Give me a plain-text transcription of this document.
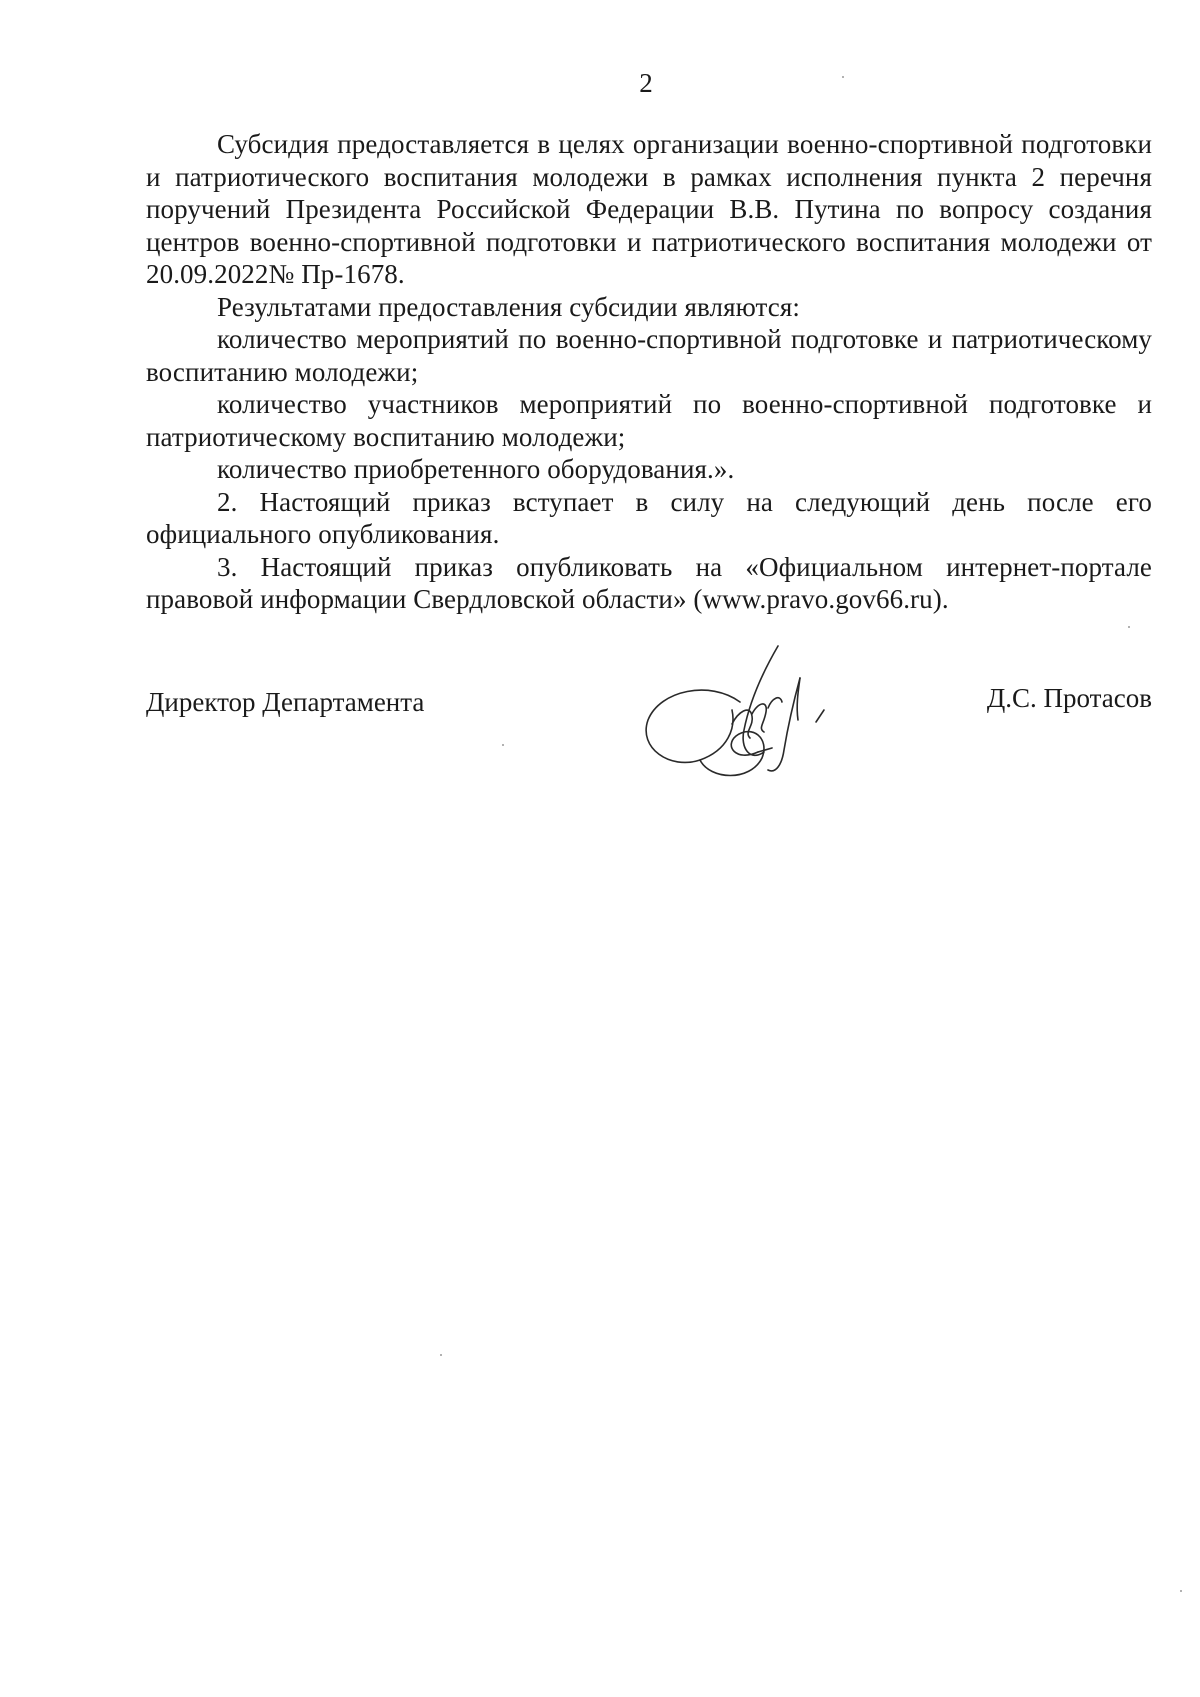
2

Субсидия предоставляется в целях организации военно-спортивной подготовки и патриотического воспитания молодежи в рамках исполнения пункта 2 перечня поручений Президента Российской Федерации В.В. Путина по вопросу создания центров военно-спортивной подготовки и патриотического воспитания молодежи от 20.09.2022№ Пр-1678.

Результатами предоставления субсидии являются:

количество мероприятий по военно-спортивной подготовке и патриотическому воспитанию молодежи;

количество участников мероприятий по военно-спортивной подготовке и патриотическому воспитанию молодежи;

количество приобретенного оборудования.».

2. Настоящий приказ вступает в силу на следующий день после его официального опубликования.

3. Настоящий приказ опубликовать на «Официальном интернет-портале правовой информации Свердловской области» (www.pravo.gov66.ru).

Директор Департамента	Д.С. Протасов
